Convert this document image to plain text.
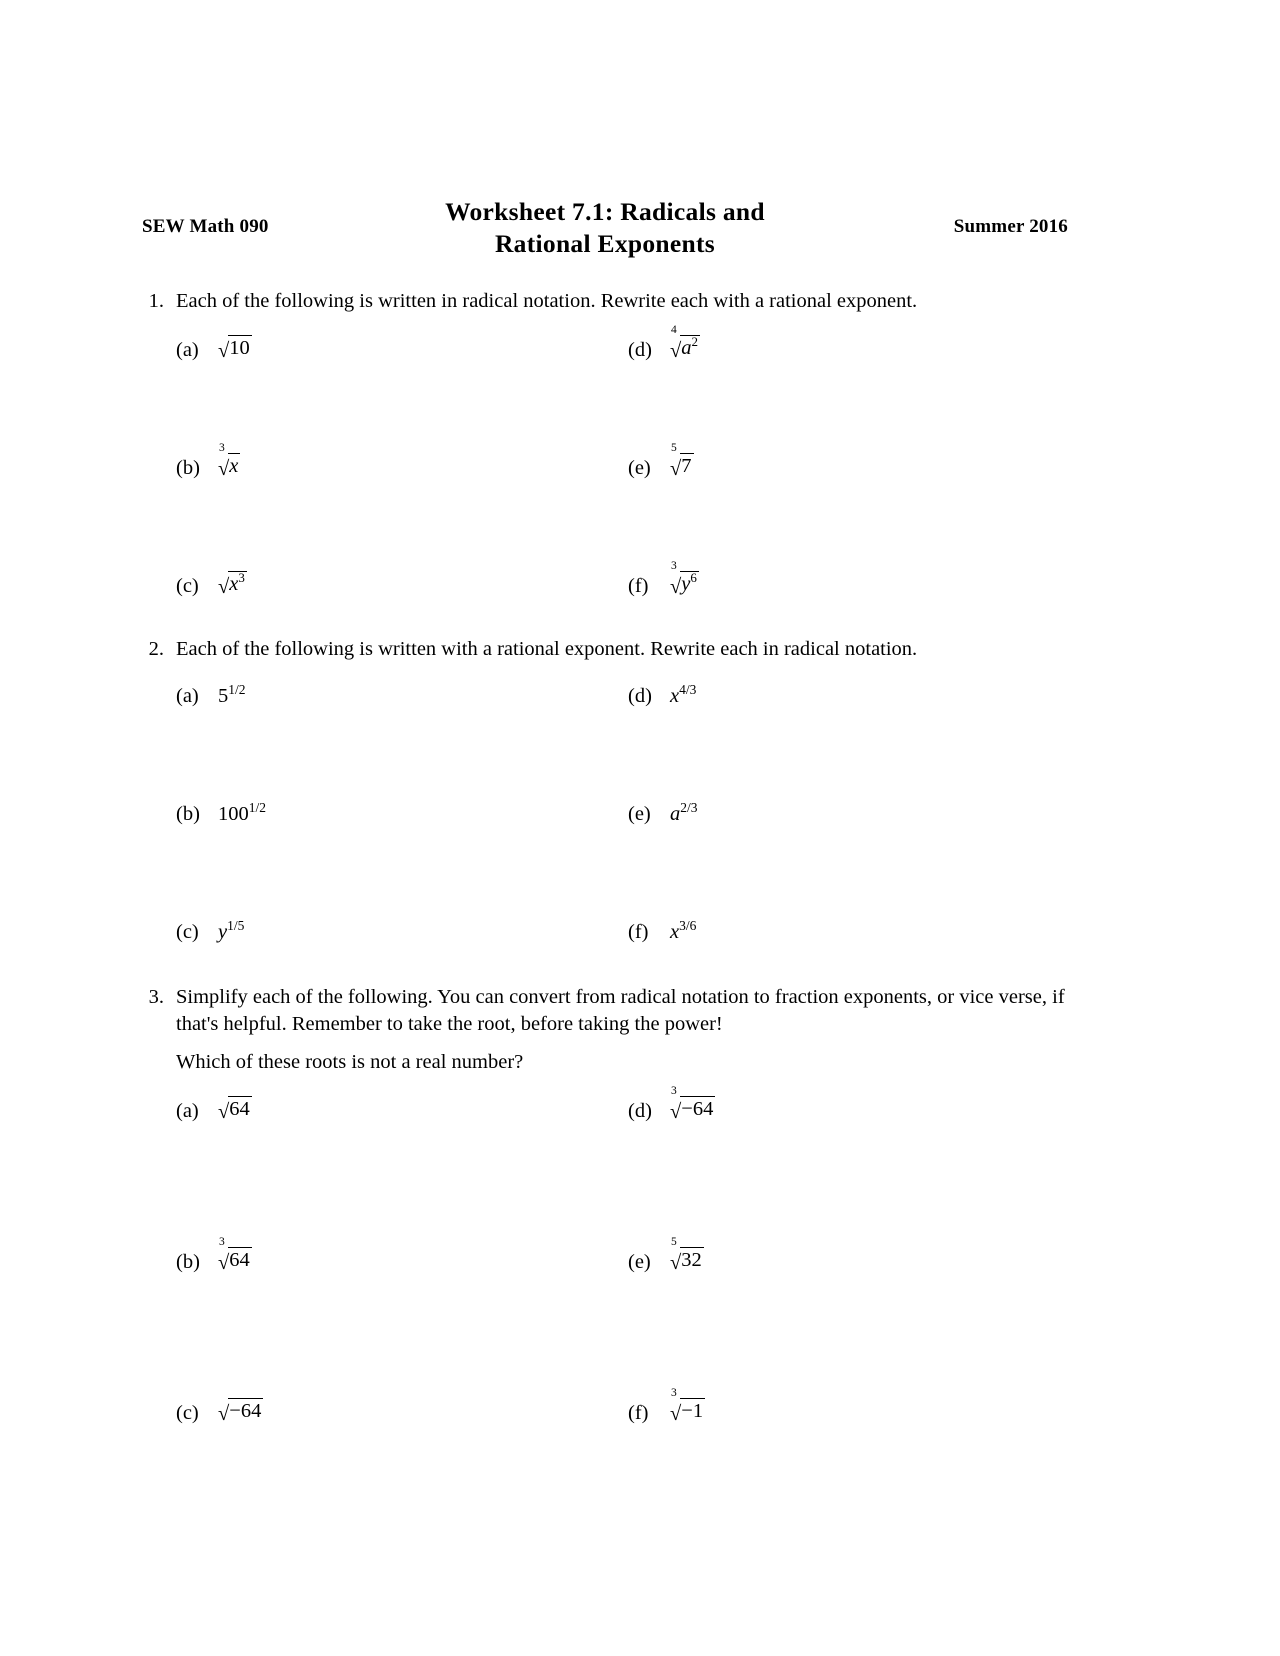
SEW Math 090
Worksheet 7.1: Radicals and
Rational Exponents
Summer 2016
1. Each of the following is written in radical notation. Rewrite each with a rational exponent.
(a) √10
(b)
3
√x
(c) $√x^3$
(d)
4
$√a^2$
(e)
5
√7
(f)
3
$√y^6$
2. Each of the following is written with a rational exponent. Rewrite each in radical notation.
(a) $5^{1/2}$
(b) $100^{1/2}$
(c) $y^{1/5}$
(d) $x^{4/3}$
(e) $a^{2/3}$
(f) $x^{3/6}$
3. Simplify each of the following. You can convert from radical notation to fraction exponents, or vice verse, if that's helpful. Remember to take the root, before taking the power!
Which of these roots is not a real number?
(a) √64
(b)
3
√64
(c) √−64
(d)
3
√−64
(e)
5
√32
(f)
3
√−1
